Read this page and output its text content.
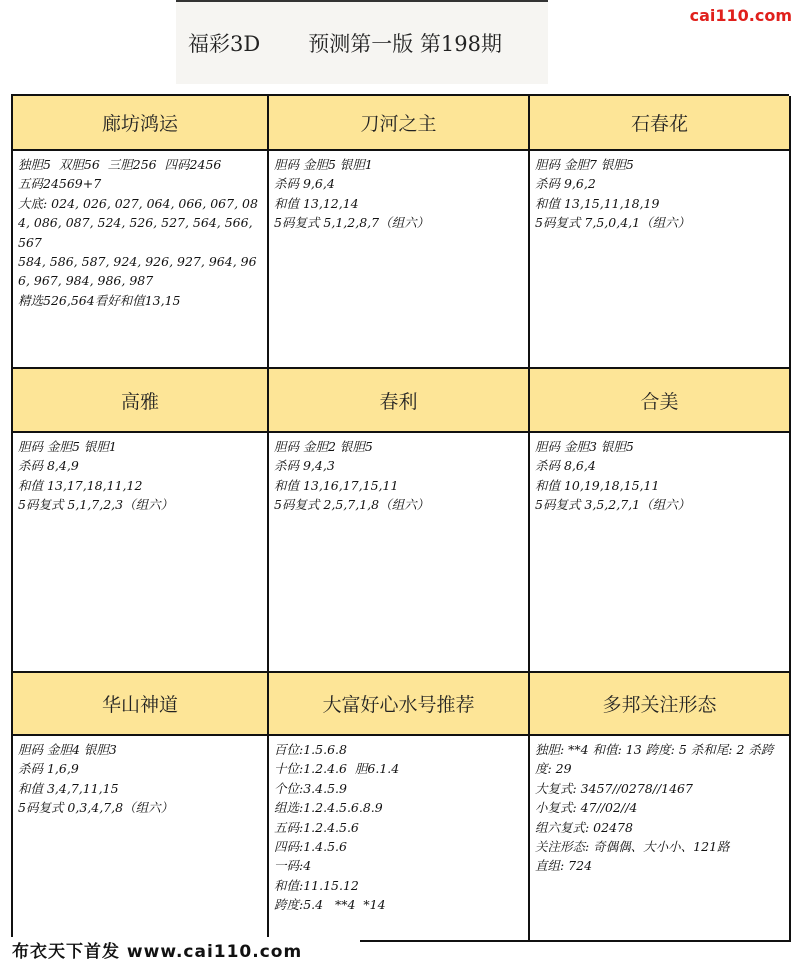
福彩3D 预测第一版 第198期
cai110.com
廊坊鸿运	刀河之主	石春花
独胆5  双胆56  三胆256  四码2456
五码24569+7
大底: 024, 026, 027, 064, 066, 067, 084, 086, 087, 524, 526, 527, 564, 566, 567
584, 586, 587, 924, 926, 927, 964, 966, 967, 984, 986, 987
精选526,564看好和值13,15
胆码 金胆5 银胆1
杀码 9,6,4
和值 13,12,14
5码复式 5,1,2,8,7（组六）
胆码 金胆7 银胆5
杀码 9,6,2
和值 13,15,11,18,19
5码复式 7,5,0,4,1（组六）
高雅	春利	合美
胆码 金胆5 银胆1
杀码 8,4,9
和值 13,17,18,11,12
5码复式 5,1,7,2,3（组六）
胆码 金胆2 银胆5
杀码 9,4,3
和值 13,16,17,15,11
5码复式 2,5,7,1,8（组六）
胆码 金胆3 银胆5
杀码 8,6,4
和值 10,19,18,15,11
5码复式 3,5,2,7,1（组六）
华山神道	大富好心水号推荐	多邦关注形态
胆码 金胆4 银胆3
杀码 1,6,9
和值 3,4,7,11,15
5码复式 0,3,4,7,8（组六）
百位:1.5.6.8
十位:1.2.4.6  胆6.1.4
个位:3.4.5.9
组选:1.2.4.5.6.8.9
五码:1.2.4.5.6
四码:1.4.5.6
一码:4
和值:11.15.12
跨度:5.4   **4  *14
独胆: **4 和值: 13 跨度: 5 杀和尾: 2 杀跨度: 29
大复式: 3457//0278//1467
小复式: 47//02//4
组六复式: 02478
关注形态: 奇偶偶、大小小、121路
直组: 724
布衣天下首发 www.cai110.com
